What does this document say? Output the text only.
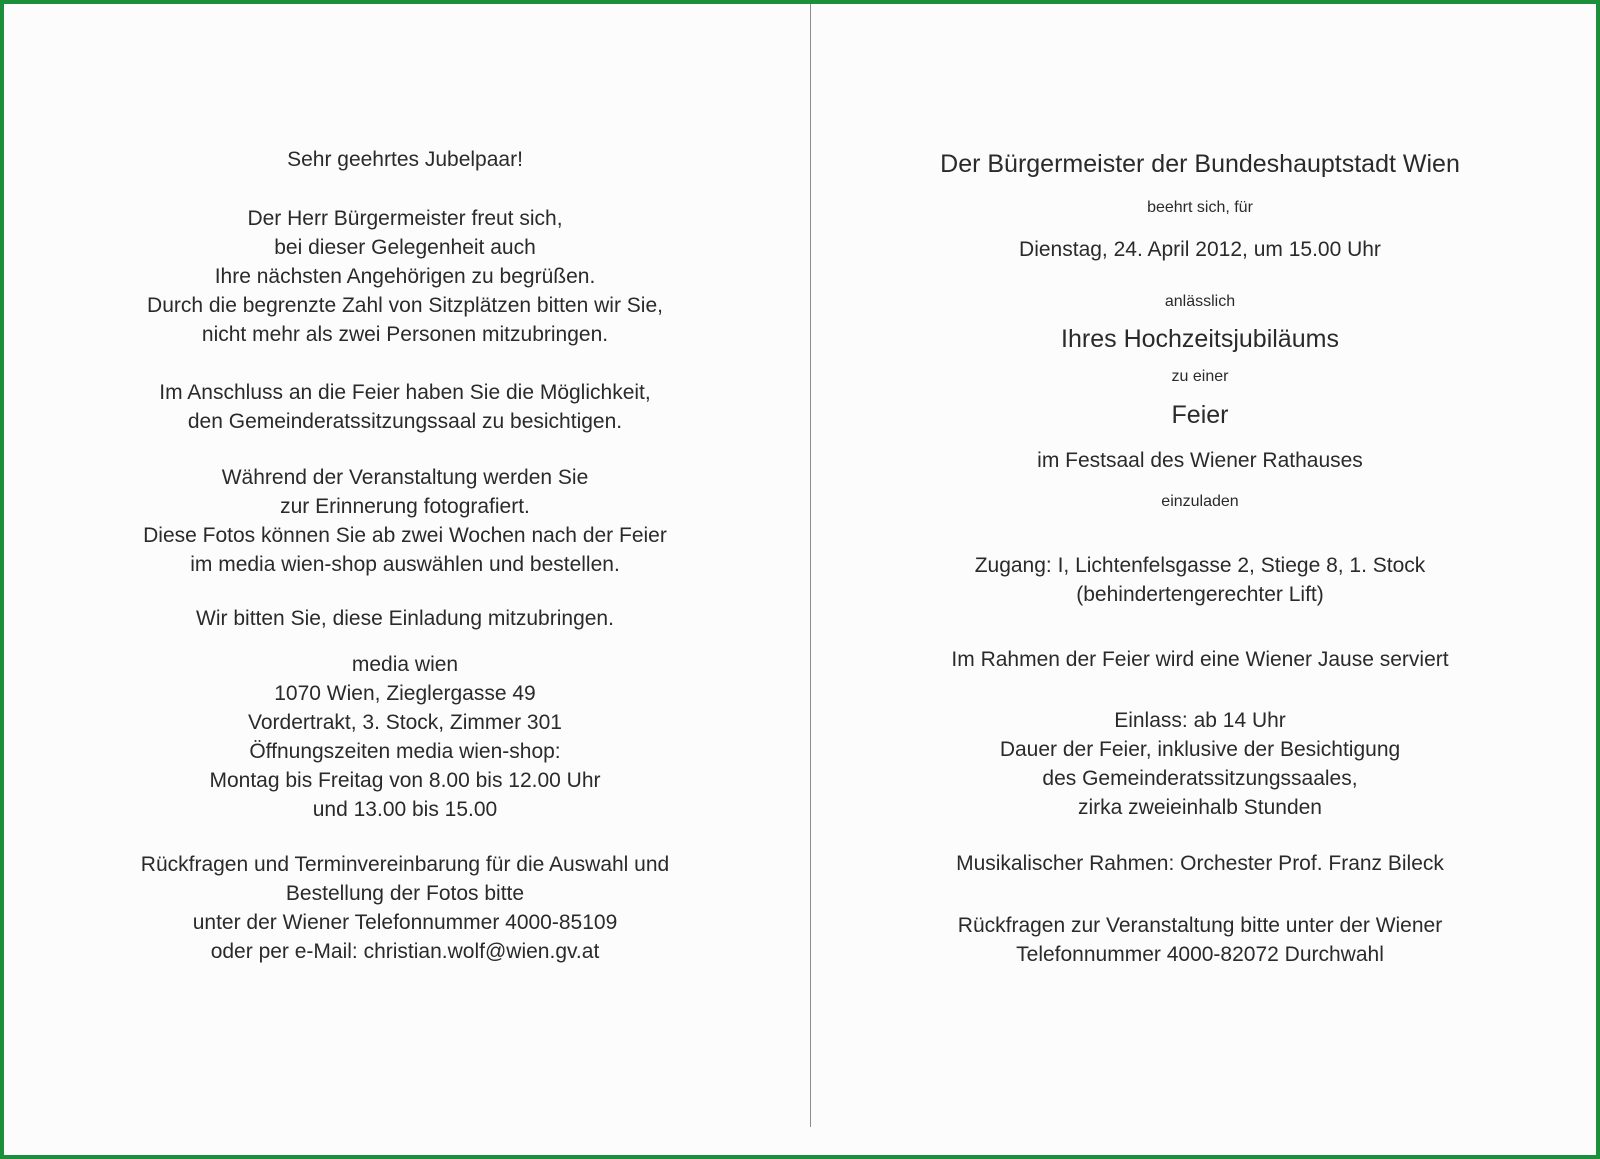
Sehr geehrtes Jubelpaar!
Der Herr Bürgermeister freut sich,
bei dieser Gelegenheit auch
Ihre nächsten Angehörigen zu begrüßen.
Durch die begrenzte Zahl von Sitzplätzen bitten wir Sie,
nicht mehr als zwei Personen mitzubringen.
Im Anschluss an die Feier haben Sie die Möglichkeit,
den Gemeinderatssitzungssaal zu besichtigen.
Während der Veranstaltung werden Sie
zur Erinnerung fotografiert.
Diese Fotos können Sie ab zwei Wochen nach der Feier
im media wien-shop auswählen und bestellen.
Wir bitten Sie, diese Einladung mitzubringen.
media wien
1070 Wien, Zieglergasse 49
Vordertrakt, 3. Stock, Zimmer 301
Öffnungszeiten media wien-shop:
Montag bis Freitag von 8.00 bis 12.00 Uhr
und 13.00 bis 15.00
Rückfragen und Terminvereinbarung für die Auswahl und
Bestellung der Fotos bitte
unter der Wiener Telefonnummer 4000-85109
oder per e-Mail: christian.wolf@wien.gv.at
Der Bürgermeister der Bundeshauptstadt Wien
beehrt sich, für
Dienstag, 24. April 2012, um 15.00 Uhr
anlässlich
Ihres Hochzeitsjubiläums
zu einer
Feier
im Festsaal des Wiener Rathauses
einzuladen
Zugang: I, Lichtenfelsgasse 2, Stiege 8, 1. Stock
(behindertengerechter Lift)
Im Rahmen der Feier wird eine Wiener Jause serviert
Einlass: ab 14 Uhr
Dauer der Feier, inklusive der Besichtigung
des Gemeinderatssitzungssaales,
zirka zweieinhalb Stunden
Musikalischer Rahmen: Orchester Prof. Franz Bileck
Rückfragen zur Veranstaltung bitte unter der Wiener
Telefonnummer 4000-82072 Durchwahl
